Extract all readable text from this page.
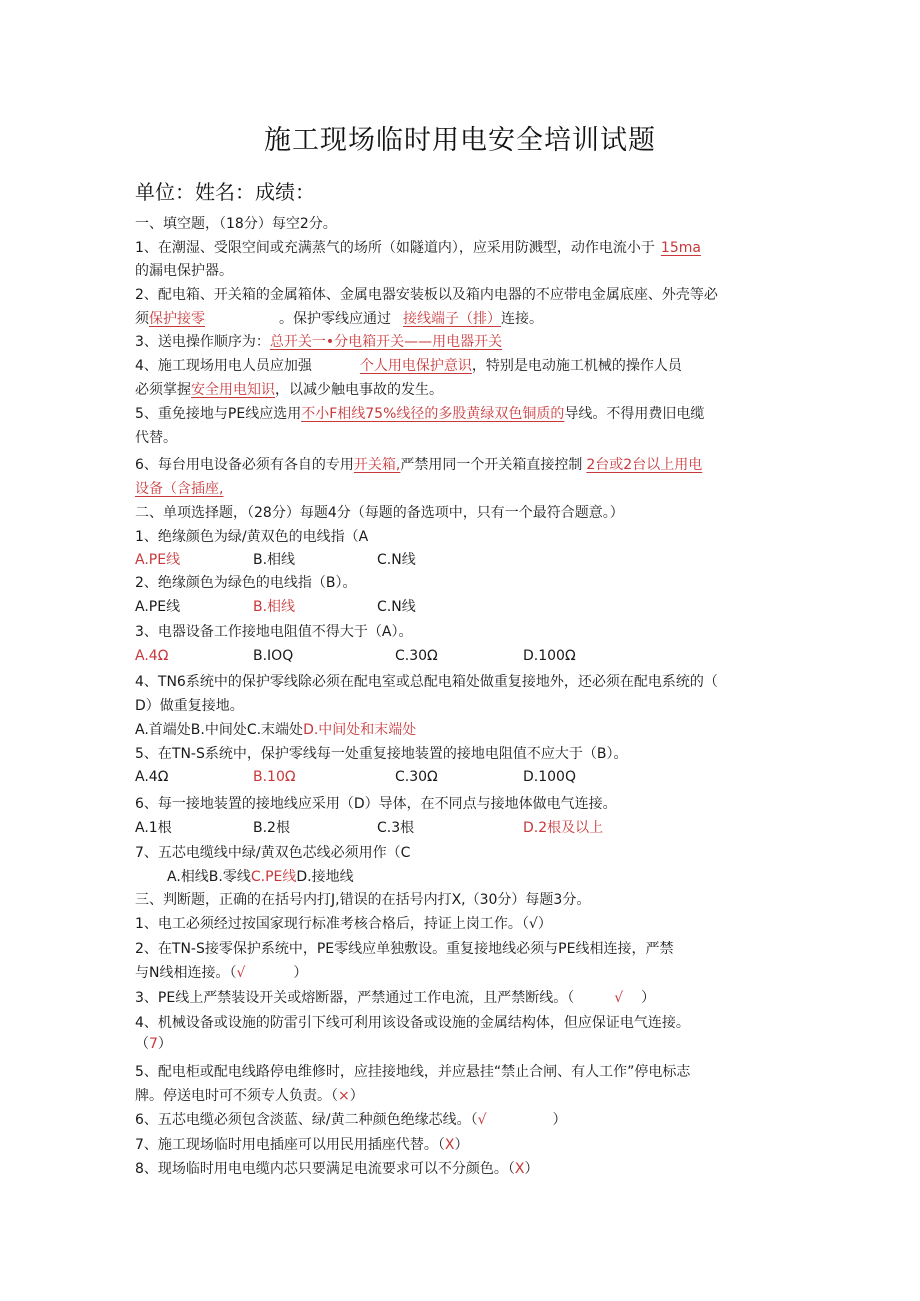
施工现场临时用电安全培训试题
单位：姓名：成绩：
一、填空题，（18分）每空2分。
1、在潮湿、受限空间或充满蒸气的场所（如隧道内），应采用防溅型，动作电流小于 15ma
的漏电保护器。
2、配电箱、开关箱的金属箱体、金属电器安装板以及箱内电器的不应带电金属底座、外壳等必
须保护接零	。保护零线应通过 接线端子（排）连接。
3、送电操作顺序为：总开关一•分电箱开关——用电器开关
4、施工现场用电人员应加强	个人用电保护意识，特别是电动施工机械的操作人员
必须掌握安全用电知识，以减少触电事故的发生。
5、重免接地与PE线应选用不小F相线75%线径的多股黄绿双色铜质的导线。不得用费旧电缆
代替。
6、每台用电设备必须有各自的专用开关箱,严禁用同一个开关箱直接控制 2台或2台以上用电
设备（含插座,
二、单项选择题，（28分）每题4分（每题的备选项中，只有一个最符合题意。）
1、绝缘颜色为绿/黄双色的电线指（A
A.PE线	B.相线	C.N线
2、绝缘颜色为绿色的电线指（B）。
A.PE线	B.相线	C.N线
3、电器设备工作接地电阻值不得大于（A）。
A.4Ω	B.IOQ	C.30Ω	D.100Ω
4、TN6系统中的保护零线除必须在配电室或总配电箱处做重复接地外，还必须在配电系统的（
D）做重复接地。
A.首端处B.中间处C.末端处D.中间处和末端处
5、在TN-S系统中，保护零线每一处重复接地装置的接地电阻值不应大于（B）。
A.4Ω	B.10Ω	C.30Ω	D.100Q
6、每一接地装置的接地线应采用（D）导体，在不同点与接地体做电气连接。
A.1根	B.2根	C.3根	D.2根及以上
7、五芯电缆线中绿/黄双色芯线必须用作（C
A.相线B.零线C.PE线D.接地线
三、判断题，正确的在括号内打J,错误的在括号内打X,（30分）每题3分。
1、电工必须经过按国家现行标准考核合格后，持证上岗工作。（√）
2、在TN-S接零保护系统中，PE零线应单独敷设。重复接地线必须与PE线相连接，严禁
与N线相连接。（√	）
3、PE线上严禁装设开关或熔断器，严禁通过工作电流，且严禁断线。（	√ ）
4、机械设备或设施的防雷引下线可利用该设备或设施的金属结构体，但应保证电气连接。
（7）
5、配电柜或配电线路停电维修时，应挂接地线，并应悬挂“禁止合闸、有人工作”停电标志
牌。停送电时可不须专人负责。（×）
6、五芯电缆必须包含淡蓝、绿/黄二种颜色绝缘芯线。（√	）
7、施工现场临时用电插座可以用民用插座代替。（X）
8、现场临时用电电缆内芯只要满足电流要求可以不分颜色。（X）
